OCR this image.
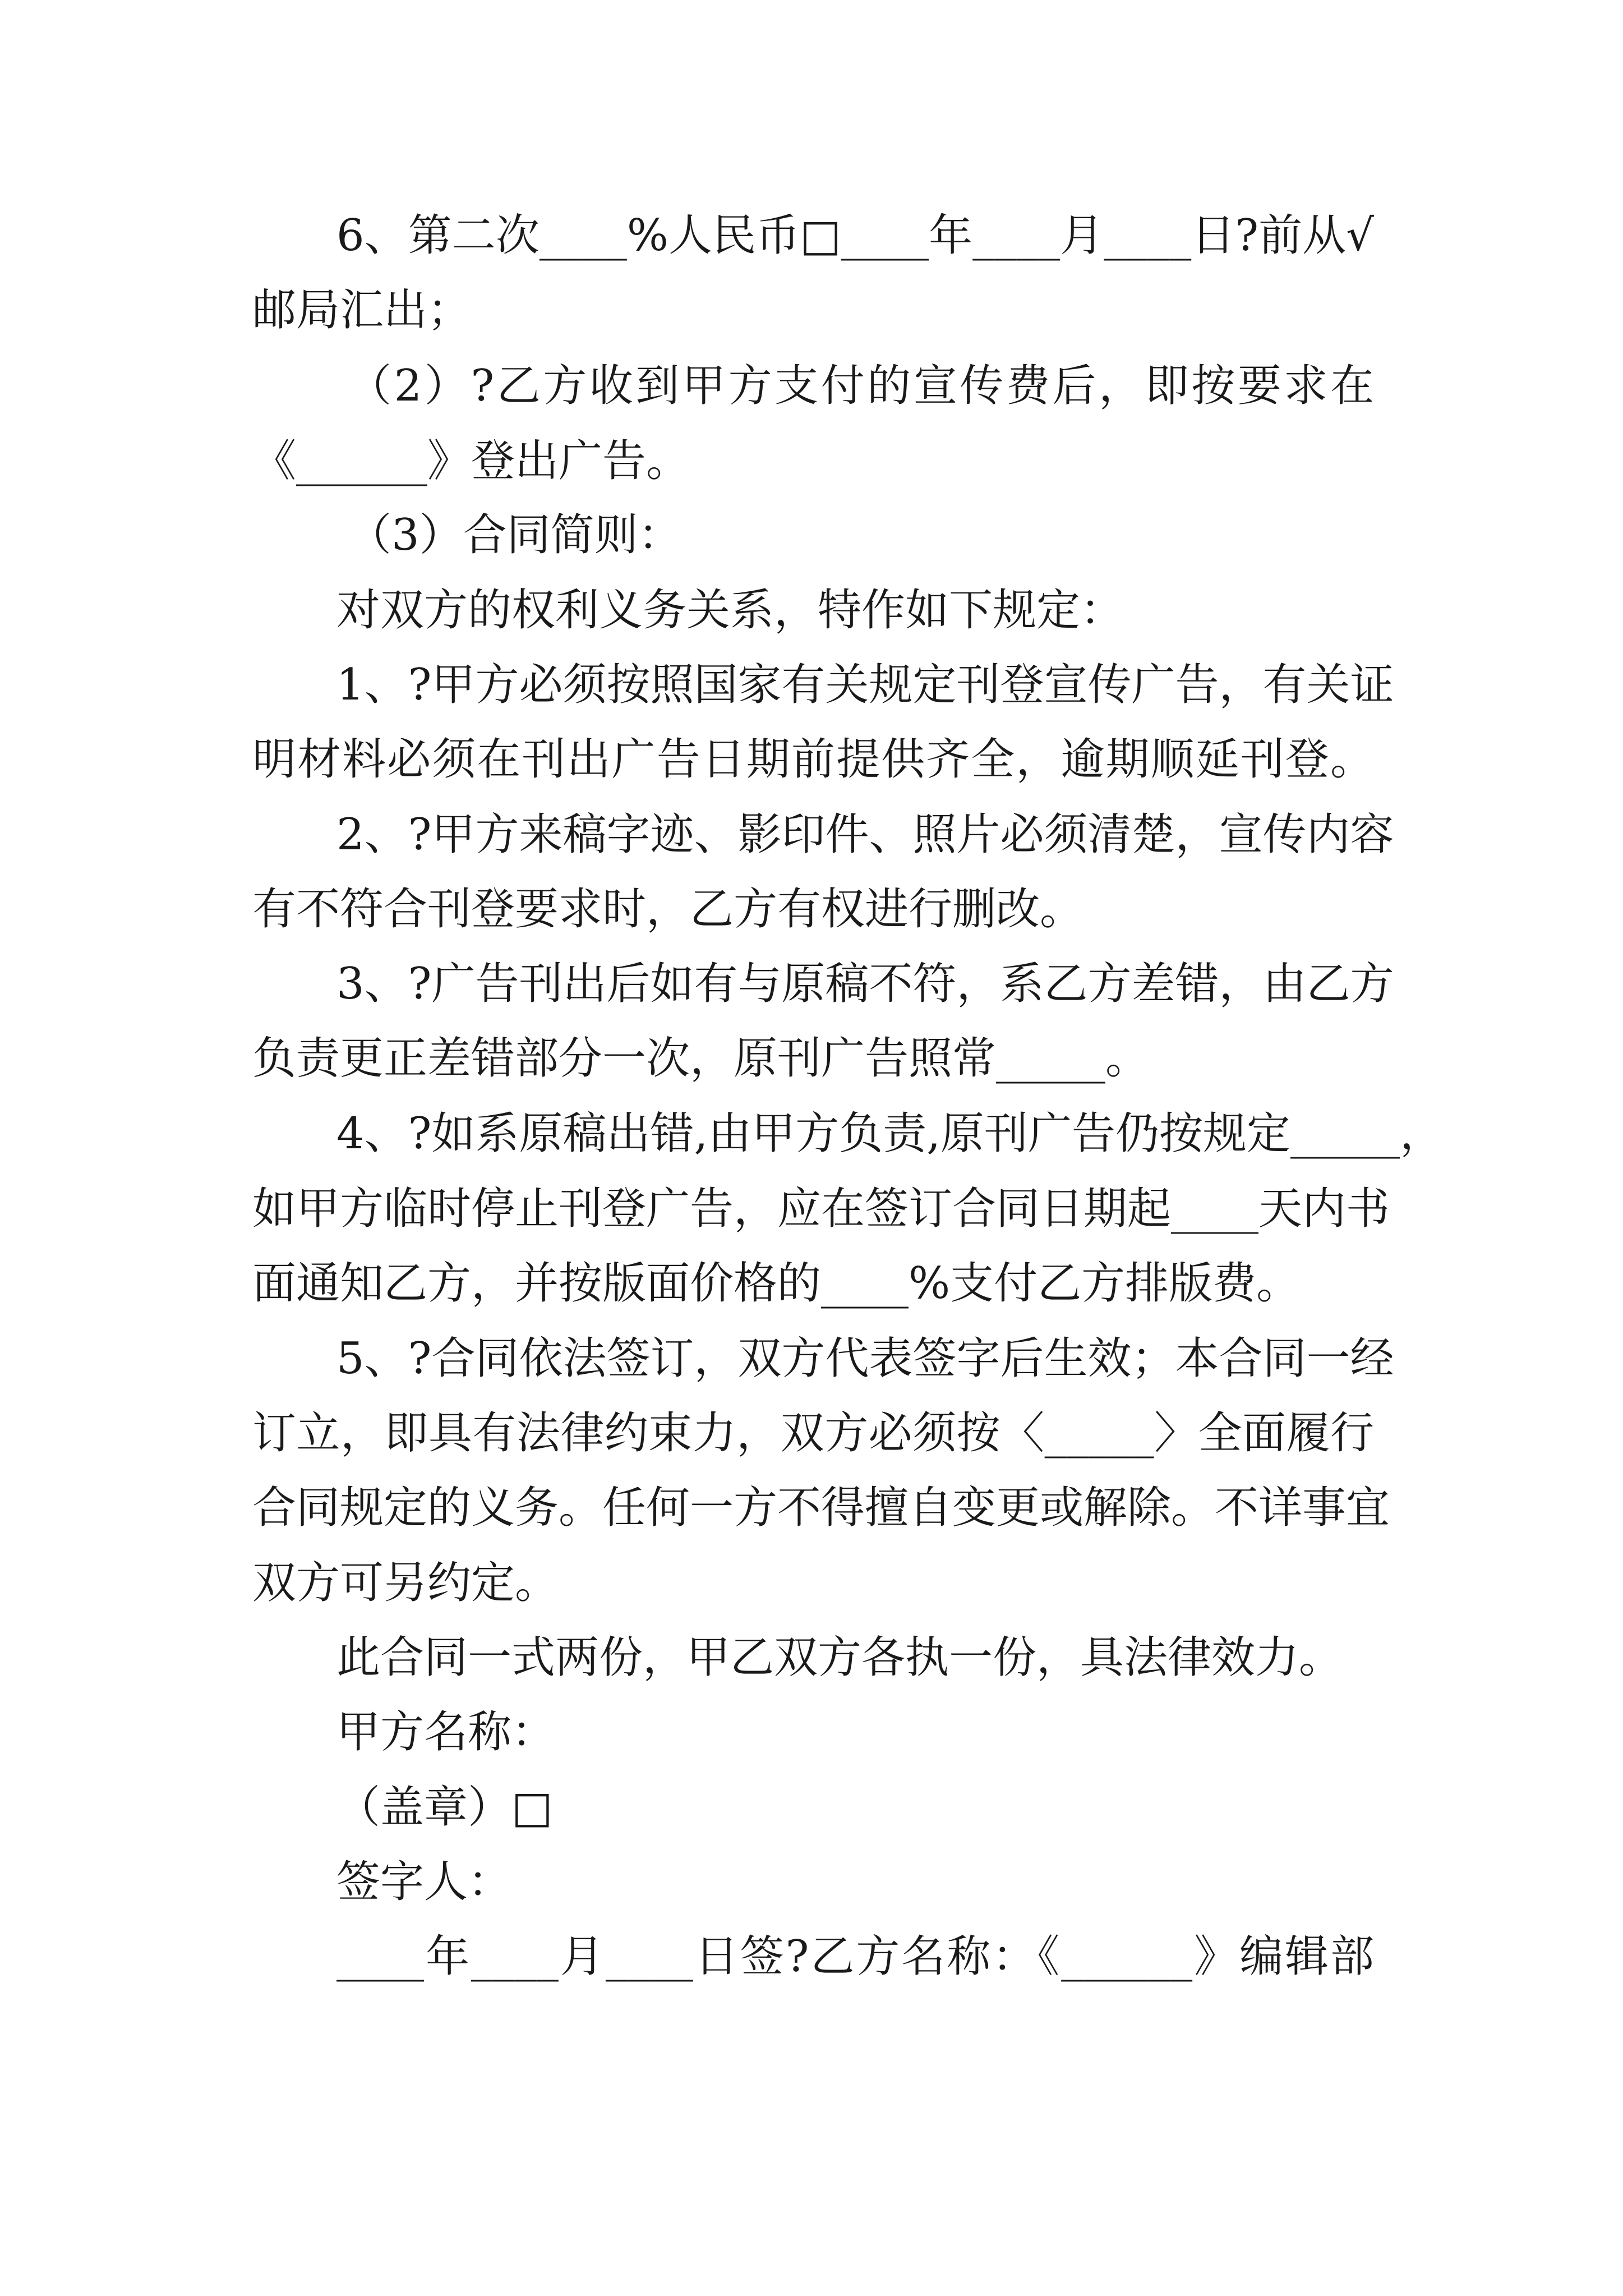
6、第二次____%人民币□____年____月____日?前从√
邮局汇出；
（2）?乙方收到甲方支付的宣传费后，即按要求在
《______》登出广告。
（3）合同简则：
对双方的权利义务关系，特作如下规定：
1、?甲方必须按照国家有关规定刊登宣传广告，有关证
明材料必须在刊出广告日期前提供齐全，逾期顺延刊登。
2、?甲方来稿字迹、影印件、照片必须清楚，宣传内容
有不符合刊登要求时，乙方有权进行删改。
3、?广告刊出后如有与原稿不符，系乙方差错，由乙方
负责更正差错部分一次，原刊广告照常_____。
4、?如系原稿出错,由甲方负责,原刊广告仍按规定_____，
如甲方临时停止刊登广告，应在签订合同日期起____天内书
面通知乙方，并按版面价格的____%支付乙方排版费。
5、?合同依法签订，双方代表签字后生效；本合同一经
订立，即具有法律约束力，双方必须按〈_____〉全面履行
合同规定的义务。任何一方不得擅自变更或解除。不详事宜
双方可另约定。
此合同一式两份，甲乙双方各执一份，具法律效力。
甲方名称：
（盖章）□
签字人：
____年____月____日签?乙方名称：《______》编辑部
